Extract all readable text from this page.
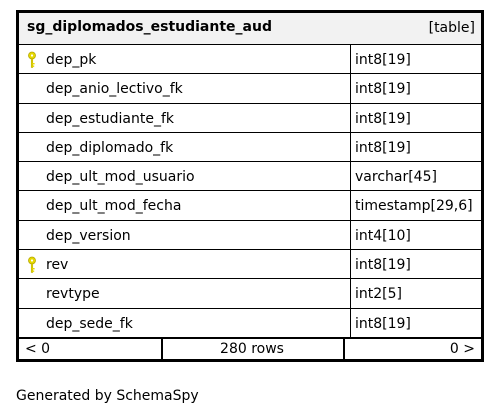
sg_diplomados_estudiante_aud	[table]
dep_pk	int8[19]
dep_anio_lectivo_fk	int8[19]
dep_estudiante_fk	int8[19]
dep_diplomado_fk	int8[19]
dep_ult_mod_usuario	varchar[45]
dep_ult_mod_fecha	timestamp[29,6]
dep_version	int4[10]
rev	int8[19]
revtype	int2[5]
dep_sede_fk	int8[19]
< 0	280 rows	0 >
Generated by SchemaSpy
